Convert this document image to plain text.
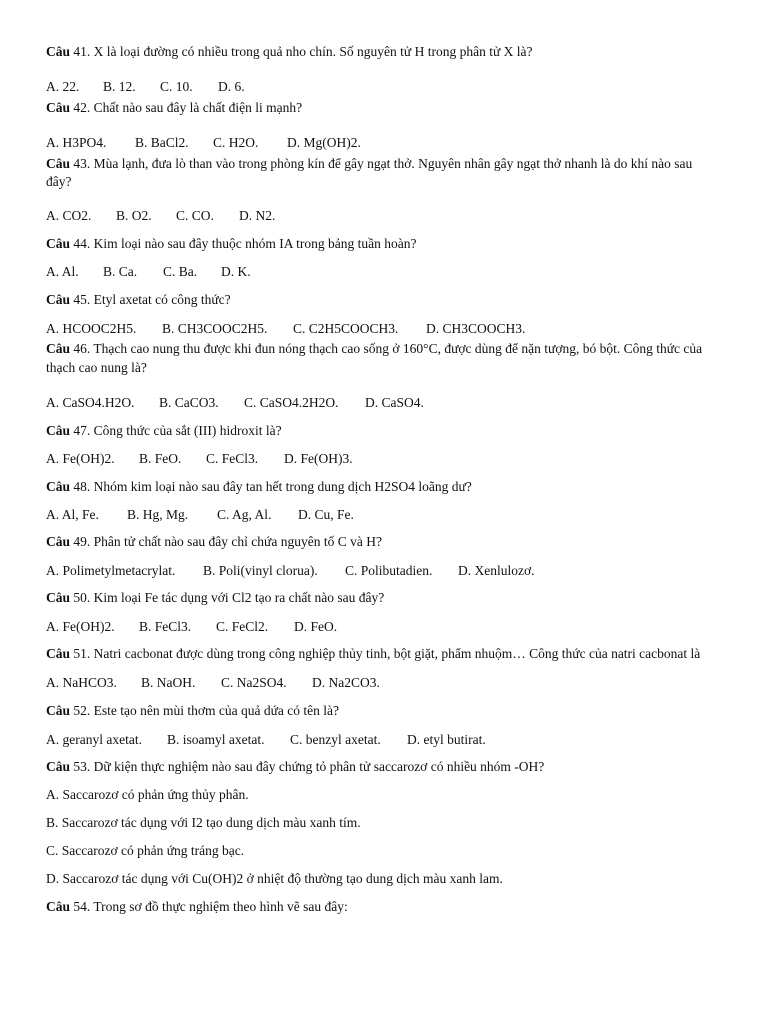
Câu 41. X là loại đường có nhiều trong quả nho chín. Số nguyên tử H trong phân tử X là?
A. 22. B. 12. C. 10. D. 6.
Câu 42. Chất nào sau đây là chất điện li mạnh?
A. H3PO4. B. BaCl2. C. H2O. D. Mg(OH)2.
Câu 43. Mùa lạnh, đưa lò than vào trong phòng kín để gây ngạt thở. Nguyên nhân gây ngạt thở nhanh là do khí nào sau
đây?
A. CO2. B. O2. C. CO. D. N2.
Câu 44. Kim loại nào sau đây thuộc nhóm IA trong bảng tuần hoàn?
A. Al. B. Ca. C. Ba. D. K.
Câu 45. Etyl axetat có công thức?
A. HCOOC2H5. B. CH3COOC2H5. C. C2H5COOCH3. D. CH3COOCH3.
Câu 46. Thạch cao nung thu được khi đun nóng thạch cao sống ở 160°C, được dùng để nặn tượng, bó bột. Công thức của
thạch cao nung là?
A. CaSO4.H2O. B. CaCO3. C. CaSO4.2H2O. D. CaSO4.
Câu 47. Công thức của sắt (III) hidroxit là?
A. Fe(OH)2. B. FeO. C. FeCl3. D. Fe(OH)3.
Câu 48. Nhóm kim loại nào sau đây tan hết trong dung dịch H2SO4 loãng dư?
A. Al, Fe. B. Hg, Mg. C. Ag, Al. D. Cu, Fe.
Câu 49. Phân tử chất nào sau đây chỉ chứa nguyên tố C và H?
A. Polimetylmetacrylat. B. Poli(vinyl clorua). C. Polibutadien. D. Xenlulozơ.
Câu 50. Kim loại Fe tác dụng với Cl2 tạo ra chất nào sau đây?
A. Fe(OH)2. B. FeCl3. C. FeCl2. D. FeO.
Câu 51. Natri cacbonat được dùng trong công nghiệp thủy tinh, bột giặt, phẩm nhuộm… Công thức của natri cacbonat là
A. NaHCO3. B. NaOH. C. Na2SO4. D. Na2CO3.
Câu 52. Este tạo nên mùi thơm của quả dứa có tên là?
A. geranyl axetat. B. isoamyl axetat. C. benzyl axetat. D. etyl butirat.
Câu 53. Dữ kiện thực nghiệm nào sau đây chứng tỏ phân tử saccarozơ có nhiều nhóm -OH?
A. Saccarozơ có phản ứng thủy phân.
B. Saccarozơ tác dụng với I2 tạo dung dịch màu xanh tím.
C. Saccarozơ có phản ứng tráng bạc.
D. Saccarozơ tác dụng với Cu(OH)2 ở nhiệt độ thường tạo dung dịch màu xanh lam.
Câu 54. Trong sơ đồ thực nghiệm theo hình vẽ sau đây:
